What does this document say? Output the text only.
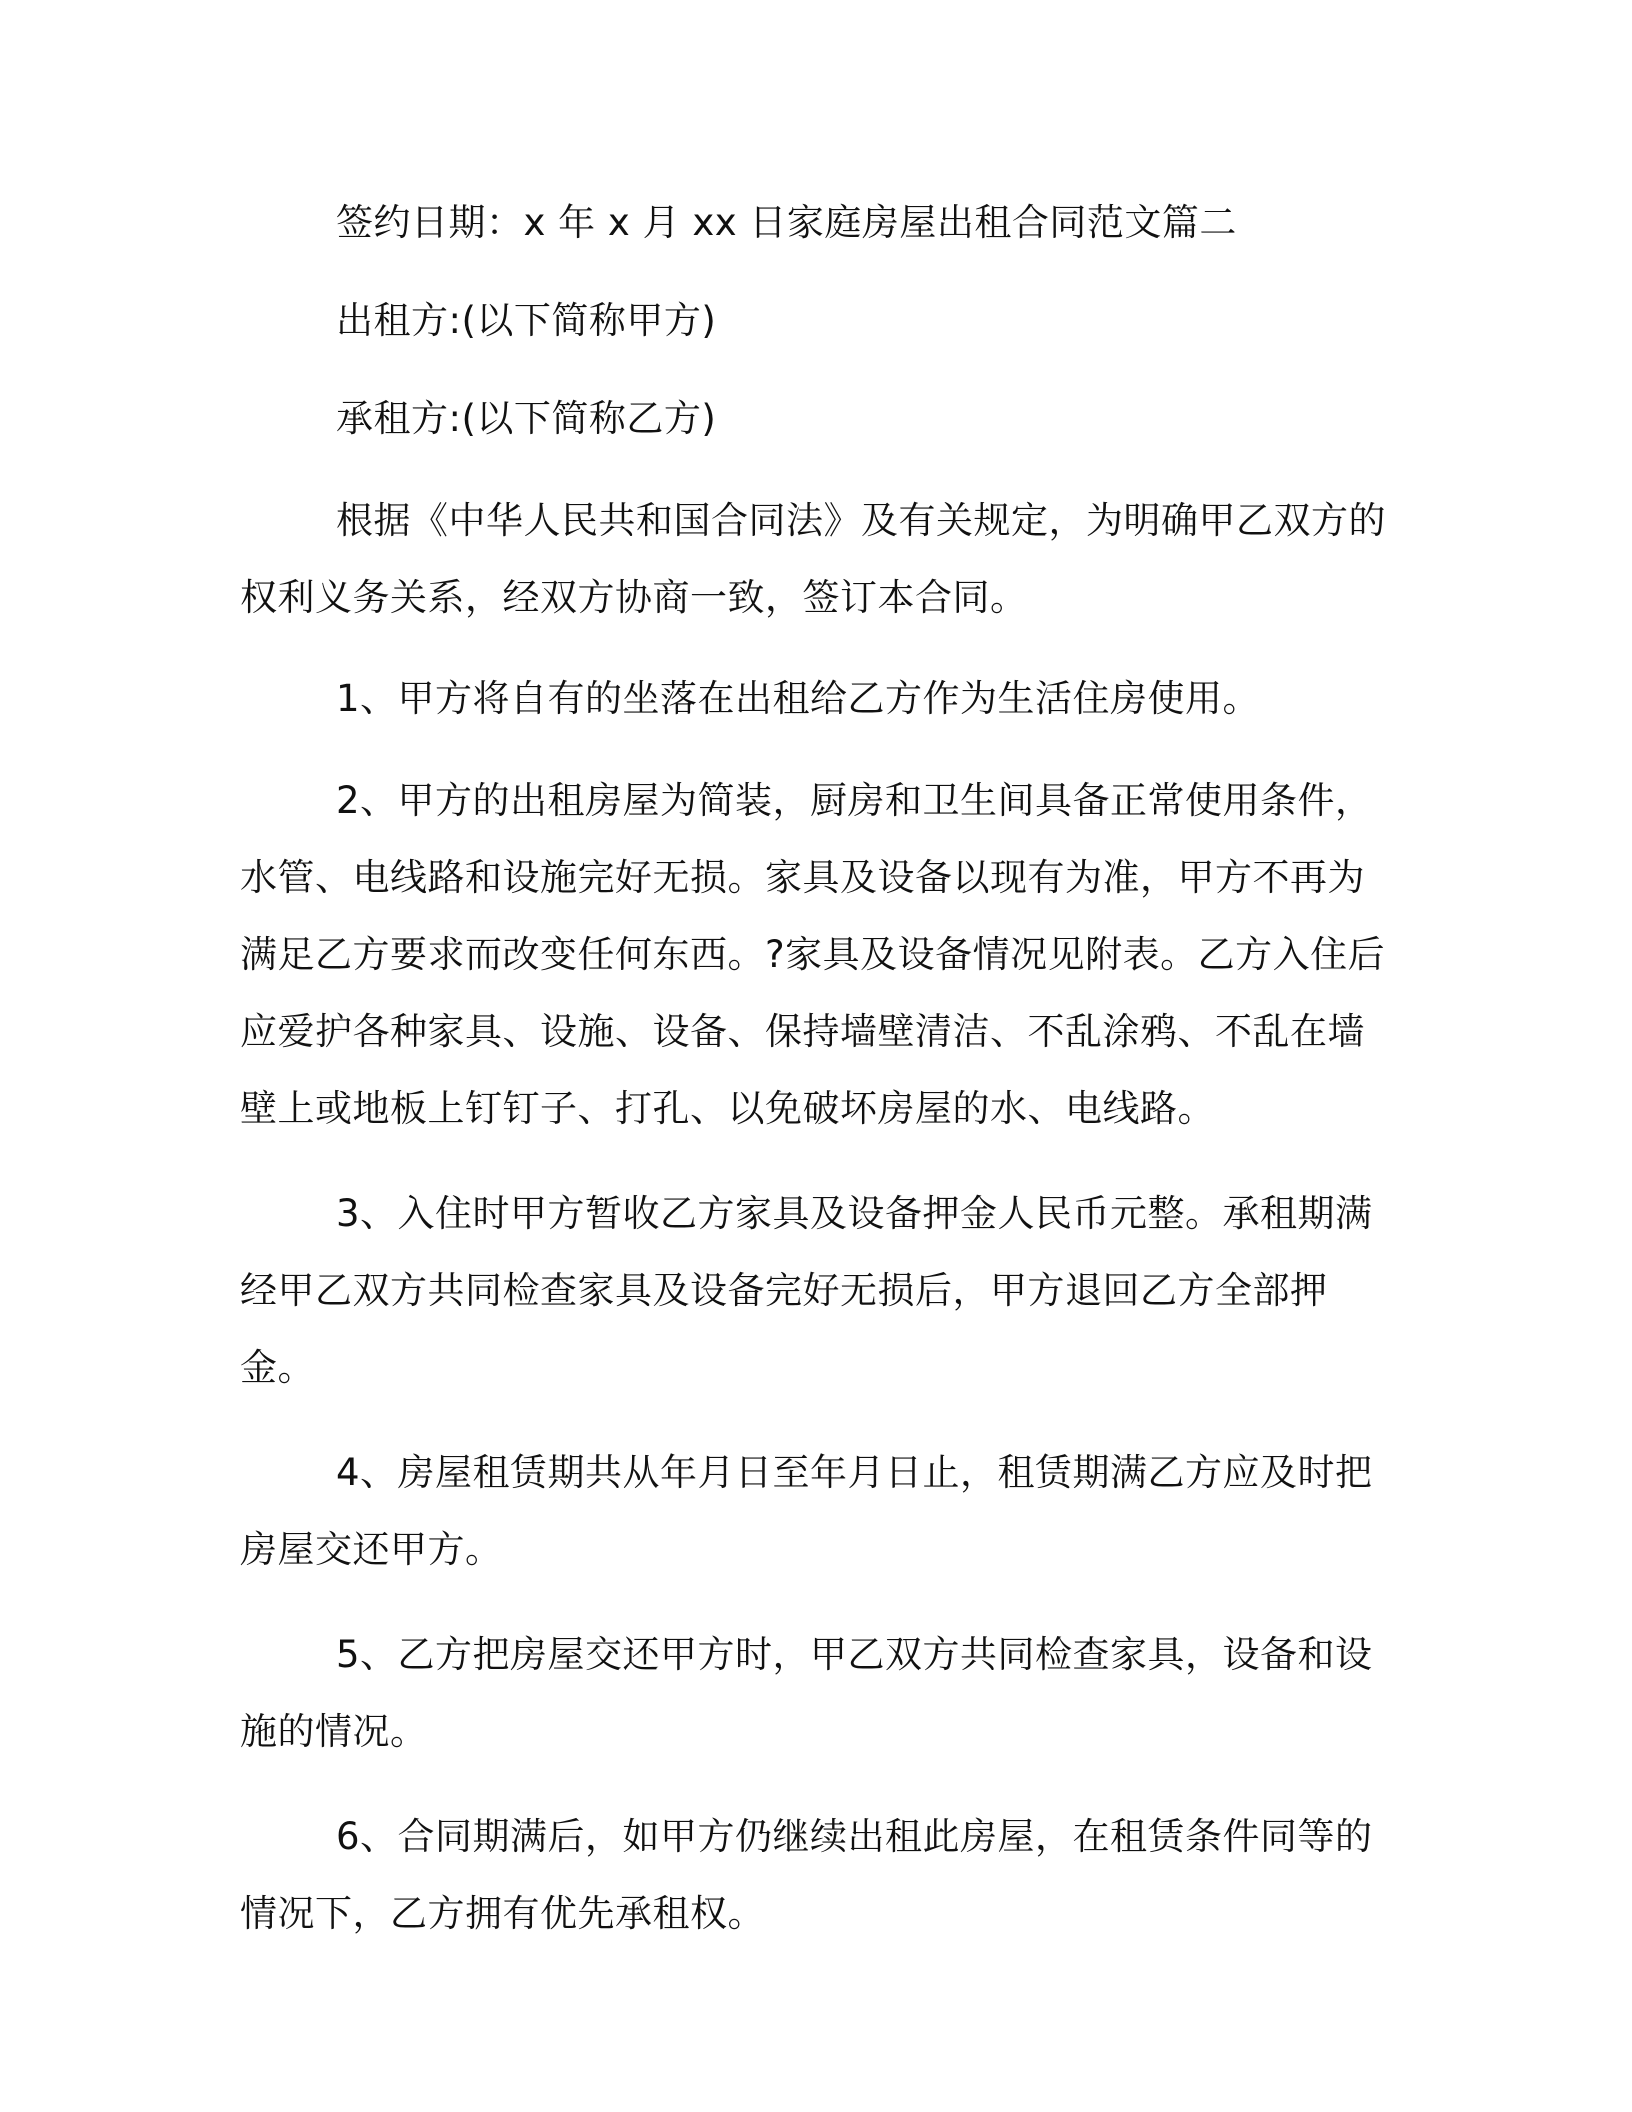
签约日期：x 年 x 月 xx 日家庭房屋出租合同范文篇二

出租方:(以下简称甲方)

承租方:(以下简称乙方)

根据《中华人民共和国合同法》及有关规定，为明确甲乙双方的权利义务关系，经双方协商一致，签订本合同。

1、甲方将自有的坐落在出租给乙方作为生活住房使用。

2、甲方的出租房屋为简装，厨房和卫生间具备正常使用条件，水管、电线路和设施完好无损。家具及设备以现有为准，甲方不再为满足乙方要求而改变任何东西。?家具及设备情况见附表。乙方入住后应爱护各种家具、设施、设备、保持墙壁清洁、不乱涂鸦、不乱在墙壁上或地板上钉钉子、打孔、以免破坏房屋的水、电线路。

3、入住时甲方暂收乙方家具及设备押金人民币元整。承租期满经甲乙双方共同检查家具及设备完好无损后，甲方退回乙方全部押金。

4、房屋租赁期共从年月日至年月日止，租赁期满乙方应及时把房屋交还甲方。

5、乙方把房屋交还甲方时，甲乙双方共同检查家具，设备和设施的情况。

6、合同期满后，如甲方仍继续出租此房屋，在租赁条件同等的情况下，乙方拥有优先承租权。
